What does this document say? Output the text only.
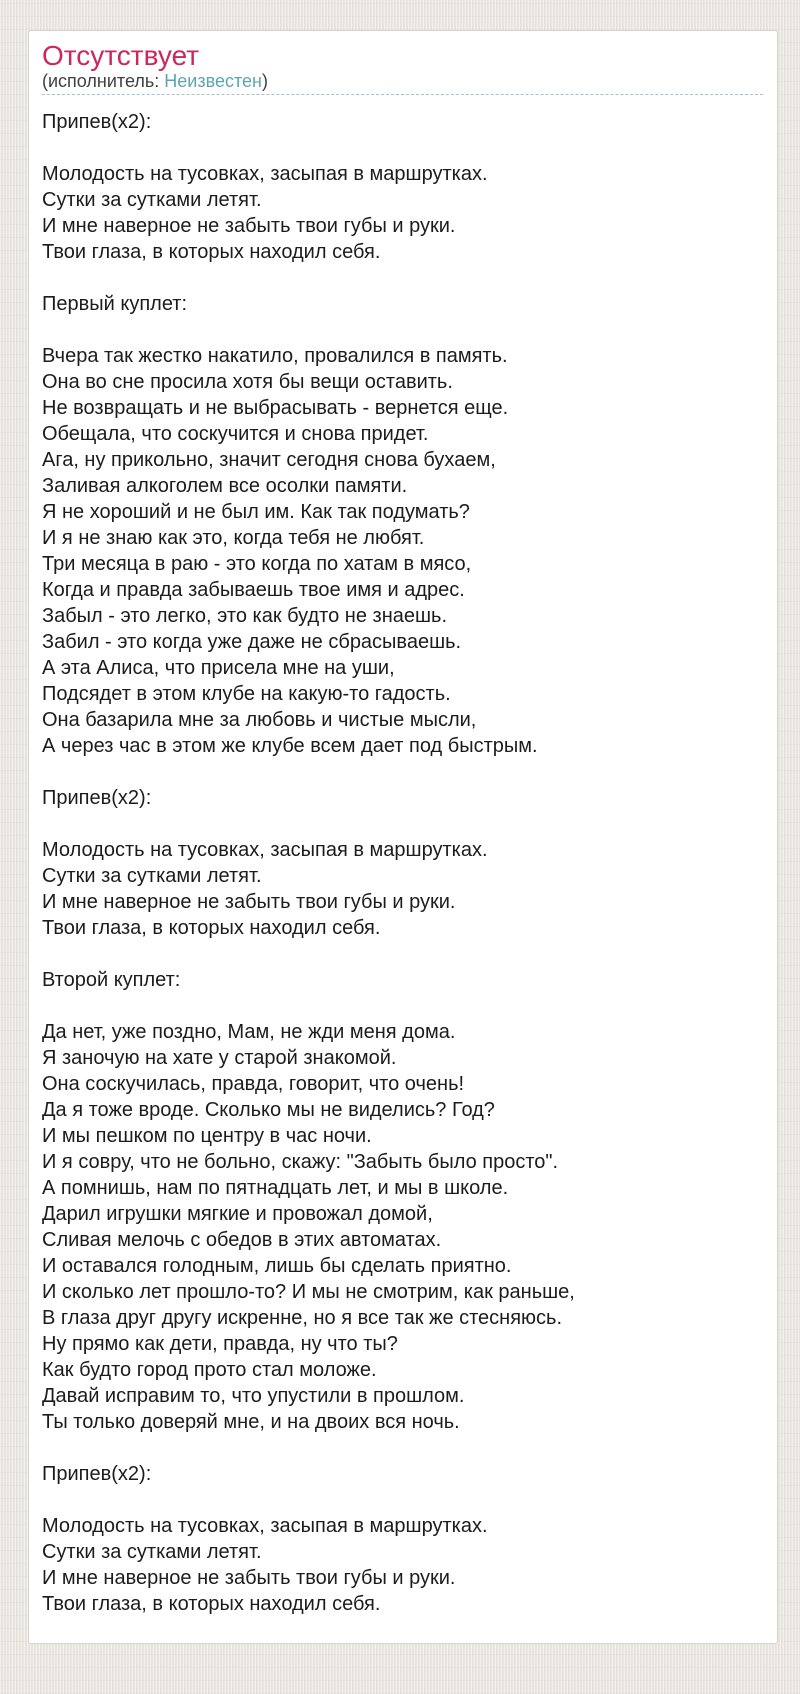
Отсутствует
(исполнитель: Неизвестен)
Припев(x2):
Молодость на тусовках, засыпая в маршрутках.
Сутки за сутками летят.
И мне наверное не забыть твои губы и руки.
Твои глаза, в которых находил себя.
Первый куплет:
Вчера так жестко накатило, провалился в память.
Она во сне просила хотя бы вещи оставить.
Не возвращать и не выбрасывать - вернется еще.
Обещала, что соскучится и снова придет.
Ага, ну прикольно, значит сегодня снова бухаем,
Заливая алкоголем все осолки памяти.
Я не хороший и не был им. Как так подумать?
И я не знаю как это, когда тебя не любят.
Три месяца в раю - это когда по хатам в мясо,
Когда и правда забываешь твое имя и адрес.
Забыл - это легко, это как будто не знаешь.
Забил - это когда уже даже не сбрасываешь.
А эта Алиса, что присела мне на уши,
Подсядет в этом клубе на какую-то гадость.
Она базарила мне за любовь и чистые мысли,
А через час в этом же клубе всем дает под быстрым.
Припев(x2):
Молодость на тусовках, засыпая в маршрутках.
Сутки за сутками летят.
И мне наверное не забыть твои губы и руки.
Твои глаза, в которых находил себя.
Второй куплет:
Да нет, уже поздно, Мам, не жди меня дома.
Я заночую на хате у старой знакомой.
Она соскучилась, правда, говорит, что очень!
Да я тоже вроде. Сколько мы не виделись? Год?
И мы пешком по центру в час ночи.
И я совру, что не больно, скажу: "Забыть было просто".
А помнишь, нам по пятнадцать лет, и мы в школе.
Дарил игрушки мягкие и провожал домой,
Сливая мелочь с обедов в этих автоматах.
И оставался голодным, лишь бы сделать приятно.
И сколько лет прошло-то? И мы не смотрим, как раньше,
В глаза друг другу искренне, но я все так же стесняюсь.
Ну прямо как дети, правда, ну что ты?
Как будто город прото стал моложе.
Давай исправим то, что упустили в прошлом.
Ты только доверяй мне, и на двоих вся ночь.
Припев(x2):
Молодость на тусовках, засыпая в маршрутках.
Сутки за сутками летят.
И мне наверное не забыть твои губы и руки.
Твои глаза, в которых находил себя.
